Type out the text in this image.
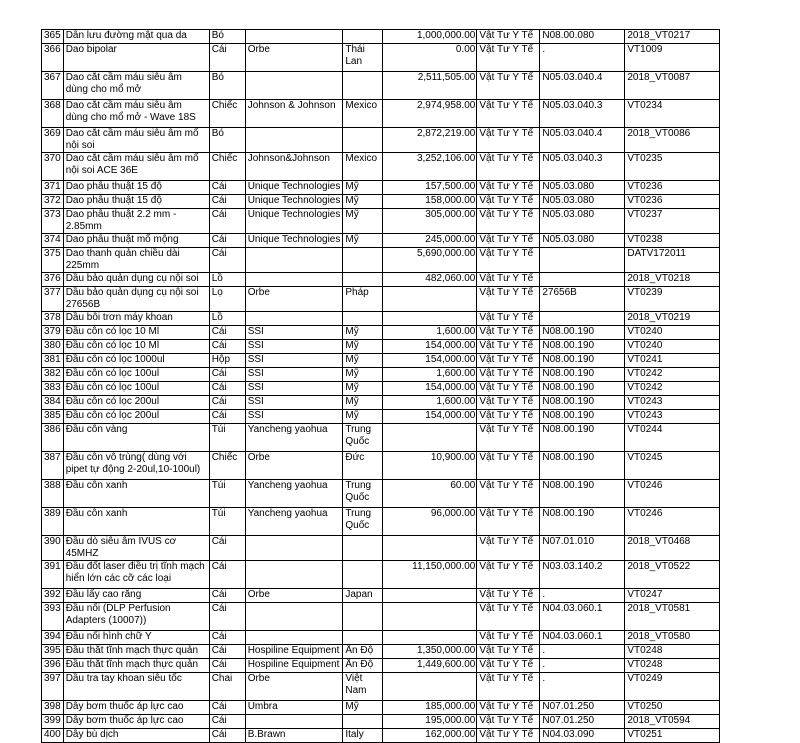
365	Dẫn lưu đường mật qua da	Bó			1,000,000.00	Vật Tư Y Tế	N08.00.080	2018_VT0217
366	Dao bipolar	Cái	Orbe	Thái Lan	0.00	Vật Tư Y Tế	.	VT1009
367	Dao cắt cầm máu siêu âm dùng cho mổ mở	Bó			2,511,505.00	Vật Tư Y Tế	N05.03.040.4	2018_VT0087
368	Dao cắt cầm máu siêu âm dùng cho mổ mở - Wave 18S	Chiếc	Johnson & Johnson	Mexico	2,974,958.00	Vật Tư Y Tế	N05.03.040.3	VT0234
369	Dao cắt cầm máu siêu âm mổ nội soi	Bó			2,872,219.00	Vật Tư Y Tế	N05.03.040.4	2018_VT0086
370	Dao cắt cầm máu siêu âm mổ nội soi ACE 36E	Chiếc	Johnson&Johnson	Mexico	3,252,106.00	Vật Tư Y Tế	N05.03.040.3	VT0235
371	Dao phẫu thuật 15 độ	Cái	Unique Technologies	Mỹ	157,500.00	Vật Tư Y Tế	N05.03.080	VT0236
372	Dao phẫu thuật 15 độ	Cái	Unique Technologies	Mỹ	158,000.00	Vật Tư Y Tế	N05.03.080	VT0236
373	Dao phẫu thuật 2.2 mm - 2.85mm	Cái	Unique Technologies	Mỹ	305,000.00	Vật Tư Y Tế	N05.03.080	VT0237
374	Dao phẫu thuật mổ mộng	Cái	Unique Technologies	Mỹ	245,000.00	Vật Tư Y Tế	N05.03.080	VT0238
375	Dao thanh quản chiều dài 225mm	Cái			5,690,000.00	Vật Tư Y Tế		DATV172011
376	Dầu bảo quản dụng cụ nội soi	Lồ			482,060.00	Vật Tư Y Tế		2018_VT0218
377	Dầu bảo quản dụng cụ nội soi 27656B	Lọ	Orbe	Pháp		Vật Tư Y Tế	27656B	VT0239
378	Dầu bôi trơn máy khoan	Lồ				Vật Tư Y Tế		2018_VT0219
379	Đầu côn có lọc 10 Ml	Cái	SSI	Mỹ	1,600.00	Vật Tư Y Tế	N08.00.190	VT0240
380	Đầu côn có lọc 10 Ml	Cái	SSI	Mỹ	154,000.00	Vật Tư Y Tế	N08.00.190	VT0240
381	Đầu côn có lọc 1000ul	Hộp	SSI	Mỹ	154,000.00	Vật Tư Y Tế	N08.00.190	VT0241
382	Đầu côn có lọc 100ul	Cái	SSI	Mỹ	1,600.00	Vật Tư Y Tế	N08.00.190	VT0242
383	Đầu côn có lọc 100ul	Cái	SSI	Mỹ	154,000.00	Vật Tư Y Tế	N08.00.190	VT0242
384	Đầu côn có lọc 200ul	Cái	SSI	Mỹ	1,600.00	Vật Tư Y Tế	N08.00.190	VT0243
385	Đầu côn có lọc 200ul	Cái	SSI	Mỹ	154,000.00	Vật Tư Y Tế	N08.00.190	VT0243
386	Đầu côn vàng	Túi	Yancheng yaohua	Trung Quốc		Vật Tư Y Tế	N08.00.190	VT0244
387	Đầu côn vô trùng( dùng với pipet tự động 2-20ul,10-100ul)	Chiếc	Orbe	Đức	10,900.00	Vật Tư Y Tế	N08.00.190	VT0245
388	Đầu côn xanh	Túi	Yancheng yaohua	Trung Quốc	60.00	Vật Tư Y Tế	N08.00.190	VT0246
389	Đầu côn xanh	Túi	Yancheng yaohua	Trung Quốc	96,000.00	Vật Tư Y Tế	N08.00.190	VT0246
390	Đầu dò siêu âm IVUS cơ 45MHZ	Cái				Vật Tư Y Tế	N07.01.010	2018_VT0468
391	Đầu đốt laser điều trị tĩnh mạch hiển lớn các cỡ các loại	Cái			11,150,000.00	Vật Tư Y Tế	N03.03.140.2	2018_VT0522
392	Đầu lấy cao răng	Cái	Orbe	Japan		Vật Tư Y Tế	.	VT0247
393	Đầu nối (DLP Perfusion Adapters (10007))	Cái				Vật Tư Y Tế	N04.03.060.1	2018_VT0581
394	Đầu nối hình chữ Y	Cái				Vật Tư Y Tế	N04.03.060.1	2018_VT0580
395	Đầu thắt tĩnh mạch thực quản	Cái	Hospiline Equipment	Ấn Độ	1,350,000.00	Vật Tư Y Tế	.	VT0248
396	Đầu thắt tĩnh mạch thực quản	Cái	Hospiline Equipment	Ấn Độ	1,449,600.00	Vật Tư Y Tế	.	VT0248
397	Dầu tra tay khoan siêu tốc	Chai	Orbe	Việt Nam		Vật Tư Y Tế	.	VT0249
398	Dây bơm thuốc áp lực cao	Cái	Umbra	Mỹ	185,000.00	Vật Tư Y Tế	N07.01.250	VT0250
399	Dây bơm thuốc áp lực cao	Cái			195,000.00	Vật Tư Y Tế	N07.01.250	2018_VT0594
400	Dây bù dịch	Cái	B.Brawn	Italy	162,000.00	Vật Tư Y Tế	N04.03.090	VT0251
